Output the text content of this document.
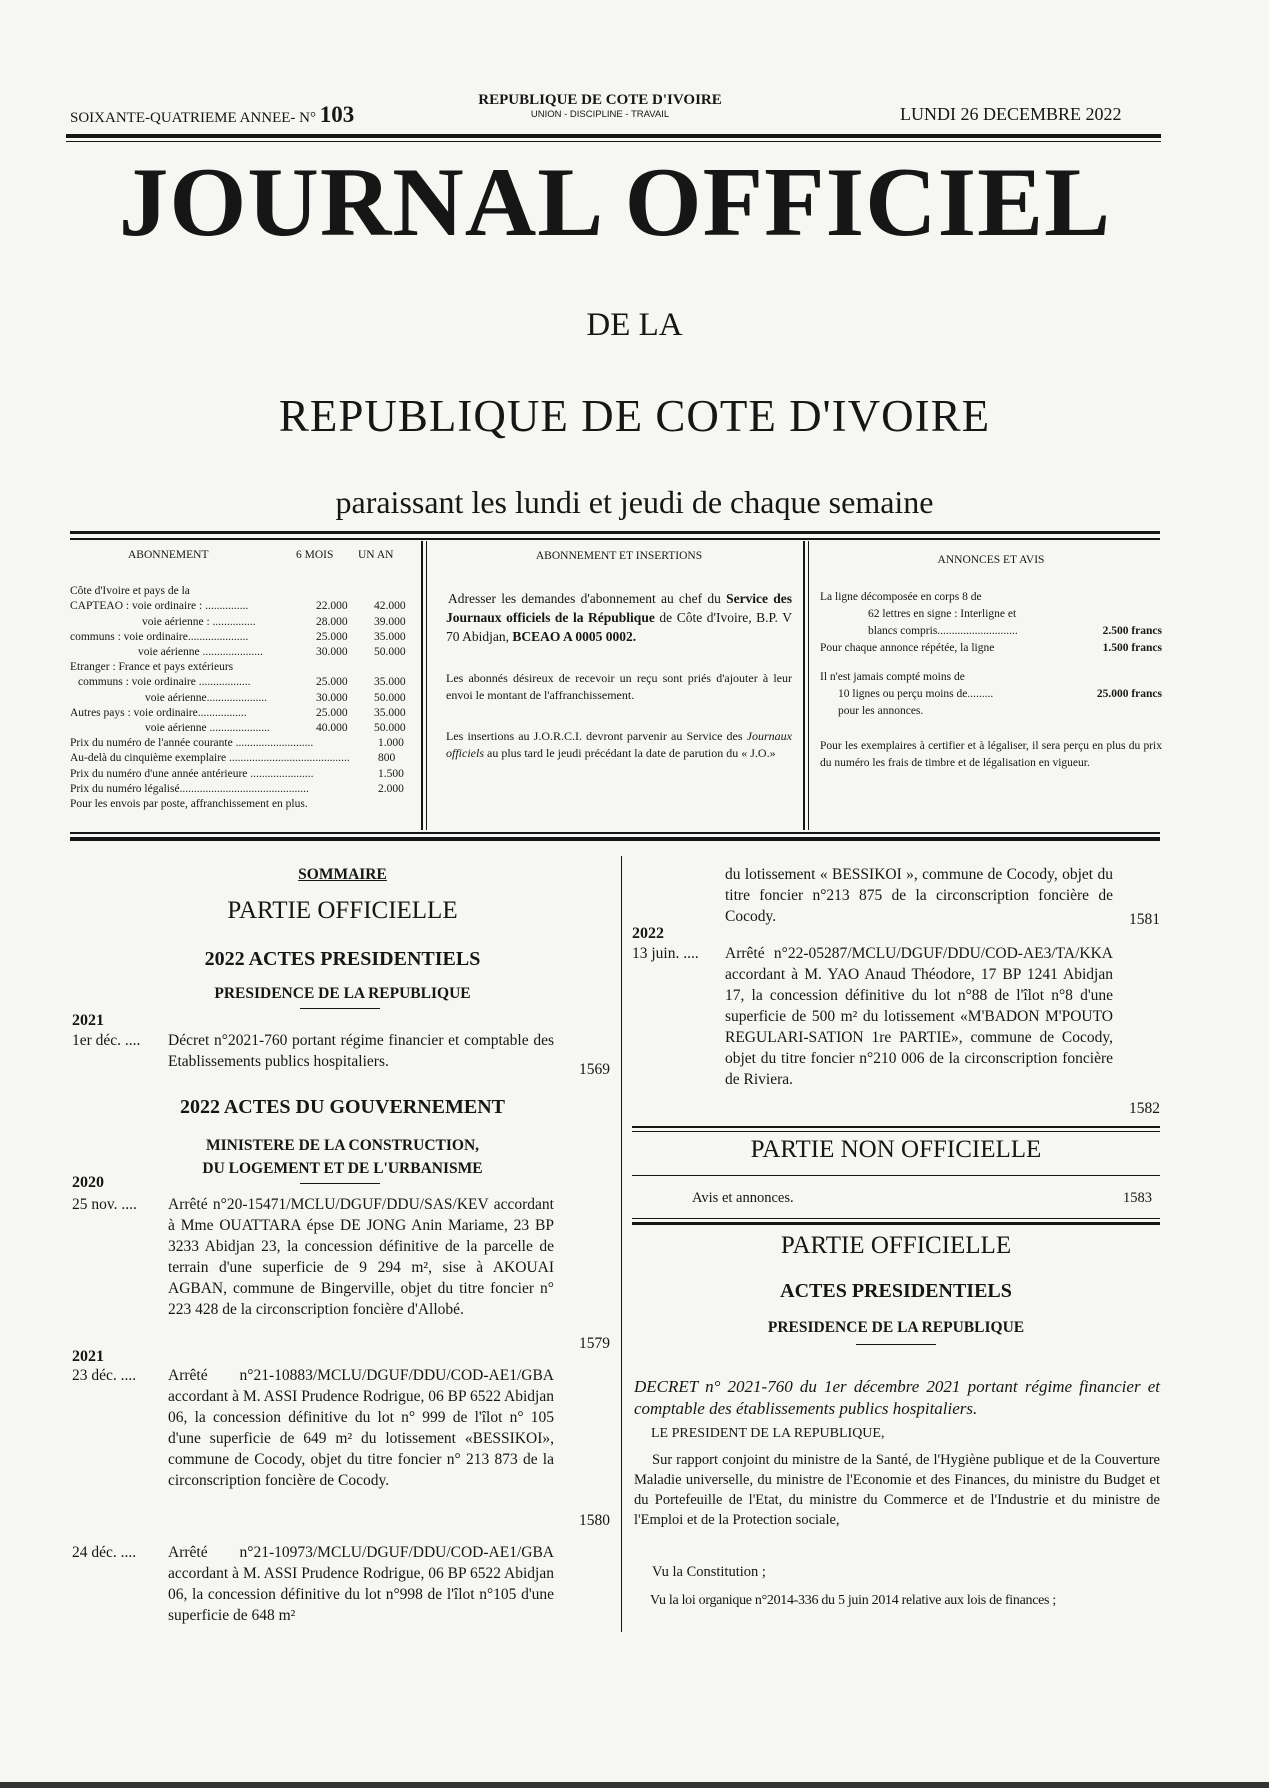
SOIXANTE-QUATRIEME ANNEE- N° 103
REPUBLIQUE DE COTE D'IVOIRE
UNION - DISCIPLINE - TRAVAIL	LUNDI 26 DECEMBRE 2022
JOURNAL OFFICIEL
DE LA
REPUBLIQUE DE COTE D'IVOIRE
paraissant les lundi et jeudi de chaque semaine
ABONNEMENT	6 MOIS	UN AN
Côte d'Ivoire et pays de la
CAPTEAO : voie ordinaire : ...............	22.000	42.000
voie aérienne : ...............	28.000	39.000
communs : voie ordinaire.....................	25.000	35.000
voie aérienne .....................	30.000	50.000
Etranger : France et pays extérieurs
communs : voie ordinaire ..................	25.000	35.000
voie aérienne.....................	30.000	50.000
Autres pays : voie ordinaire.................	25.000	35.000
voie aérienne .....................	40.000	50.000
Prix du numéro de l'année courante ...........................	1.000
Au-delà du cinquième exemplaire ..........................................	800
Prix du numéro d'une année antérieure ......................	1.500
Prix du numéro légalisé.............................................	2.000
Pour les envois par poste, affranchissement en plus.
ABONNEMENT ET INSERTIONS
Adresser les demandes d'abonnement au chef du Service des Journaux officiels de la République de Côte d'Ivoire, B.P. V 70 Abidjan, BCEAO A 0005 0002.
Les abonnés désireux de recevoir un reçu sont priés d'ajouter à leur envoi le montant de l'affranchissement.
Les insertions au J.O.R.C.I. devront parvenir au Service des Journaux officiels au plus tard le jeudi précédant la date de parution du « J.O.»
ANNONCES ET AVIS
La ligne décomposée en corps 8 de
62 lettres en signe : Interligne et
blancs compris............................	2.500 francs
Pour chaque annonce répétée, la ligne	1.500 francs
Il n'est jamais compté moins de
10 lignes ou perçu moins de.........	25.000 francs
pour les annonces.
Pour les exemplaires à certifier et à légaliser, il sera perçu en plus du prix du numéro les frais de timbre et de légalisation en vigueur.
SOMMAIRE
PARTIE OFFICIELLE
2022 ACTES PRESIDENTIELS
PRESIDENCE DE LA REPUBLIQUE
2021
1er déc. .... Décret n°2021-760 portant régime financier et comptable des Etablissements publics hospitaliers.	1569
2022 ACTES DU GOUVERNEMENT
MINISTERE DE LA CONSTRUCTION,
DU LOGEMENT ET DE L'URBANISME
2020
25 nov. .... Arrêté n°20-15471/MCLU/DGUF/DDU/SAS/KEV accordant à Mme OUATTARA épse DE JONG Anin Mariame, 23 BP 3233 Abidjan 23, la concession définitive de la parcelle de terrain d'une superficie de 9 294 m², sise à AKOUAI AGBAN, commune de Bingerville, objet du titre foncier n° 223 428 de la circonscription foncière d'Allobé.
1579
2021
23 déc. .... Arrêté n°21-10883/MCLU/DGUF/DDU/COD-AE1/GBA accordant à M. ASSI Prudence Rodrigue, 06 BP 6522 Abidjan 06, la concession définitive du lot n° 999 de l'îlot n° 105 d'une superficie de 649 m² du lotissement «BESSIKOI», commune de Cocody, objet du titre foncier n° 213 873 de la circonscription foncière de Cocody.
1580
24 déc. .... Arrêté n°21-10973/MCLU/DGUF/DDU/COD-AE1/GBA accordant à M. ASSI Prudence Rodrigue, 06 BP 6522 Abidjan 06, la concession définitive du lot n°998 de l'îlot n°105 d'une superficie de 648 m²
du lotissement « BESSIKOI », commune de Cocody, objet du titre foncier n°213 875 de la circonscription foncière de Cocody.	1581
2022
13 juin. .... Arrêté n°22-05287/MCLU/DGUF/DDU/COD-AE3/TA/KKA accordant à M. YAO Anaud Théodore, 17 BP 1241 Abidjan 17, la concession définitive du lot n°88 de l'îlot n°8 d'une superficie de 500 m² du lotissement «M'BADON M'POUTO REGULARI-SATION 1re PARTIE», commune de Cocody, objet du titre foncier n°210 006 de la circonscription foncière de Riviera.
1582
PARTIE NON OFFICIELLE
Avis et annonces.	1583
PARTIE OFFICIELLE
ACTES PRESIDENTIELS
PRESIDENCE DE LA REPUBLIQUE
DECRET n° 2021-760 du 1er décembre 2021 portant régime financier et comptable des établissements publics hospitaliers.
LE PRESIDENT DE LA REPUBLIQUE,
Sur rapport conjoint du ministre de la Santé, de l'Hygiène publique et de la Couverture Maladie universelle, du ministre de l'Economie et des Finances, du ministre du Budget et du Portefeuille de l'Etat, du ministre du Commerce et de l'Industrie et du ministre de l'Emploi et de la Protection sociale,
Vu la Constitution ;
Vu la loi organique n°2014-336 du 5 juin 2014 relative aux lois de finances ;
